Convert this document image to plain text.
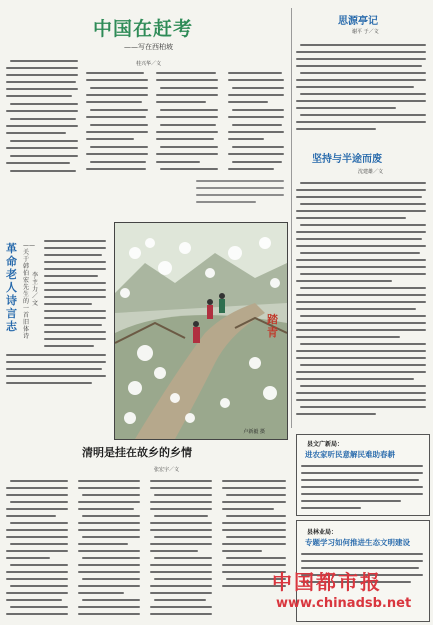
中国在赶考
——写在西柏坡
桂兴华／文
思源亭记
谢平 于／文
坚持与半途而废
沈建雄／文
革命老人诗言志
——关于韩伯宏先生的一首旧体诗
李主力／文
踏青
卢新毅 摄
清明是挂在故乡的乡情
张宏宇／文
县文广新局：
进农家听民意解民难助春耕
县林业局：
专题学习如何推进生态文明建设
中国都市报
www.chinadsb.net
